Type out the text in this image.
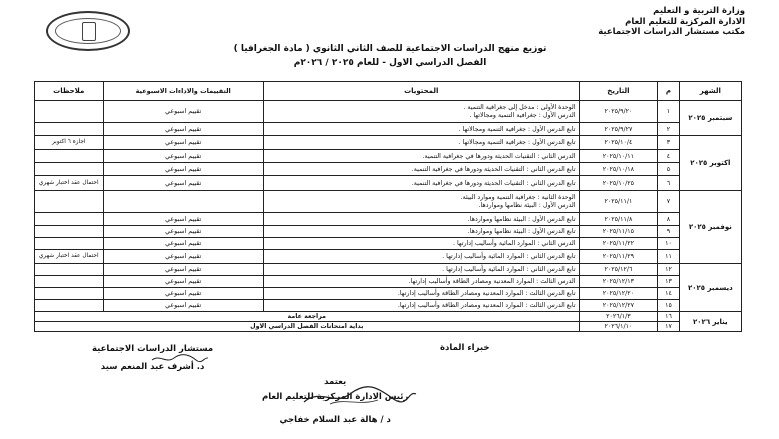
وزارة التربية و التعليم
الادارة المركزية للتعليم العام
مكتب مستشار الدراسات الاجتماعية
توزيع منهج الدراسات الاجتماعية للصف الثاني الثانوي ( مادة الجغرافيا )
الفصل الدراسي الاول - للعام ٢٠٢٥ / ٢٠٢٦م
الشهر	م	التاريخ	المحتويات	التقييمات والاداءات الاسبوعية	ملاحظات
سبتمبر ٢٠٢٥	١	٢٠٢٥/٩/٢٠	الوحدة الأولى : مدخل إلى جغرافية التنمية .
الدرس الأول : جغرافية التنمية ومجالاتها .	تقييم اسبوعي	
	٢	٢٠٢٥/٩/٢٧	تابع الدرس الأول : جغرافية التنمية ومجالاتها .	تقييم اسبوعي	
اكتوبر ٢٠٢٥	٣	٢٠٢٥/١٠/٤	تابع الدرس الأول : جغرافية التنمية ومجالاتها .	تقييم اسبوعي	اجازة ٦ اكتوبر
	٤	٢٠٢٥/١٠/١١	الدرس الثاني : التقنيات الحديثة ودورها في جغرافية التنمية.	تقييم اسبوعي	
	٥	٢٠٢٥/١٠/١٨	تابع الدرس الثاني : التقنيات الحديثة ودورها في جغرافية التنمية.	تقييم اسبوعي	
	٦	٢٠٢٥/١٠/٢٥	تابع الدرس الثاني : التقنيات الحديثة ودورها في جغرافية التنمية.	تقييم اسبوعي	احتمال عقد اختبار شهري
نوفمبر ٢٠٢٥	٧	٢٠٢٥/١١/١	الوحدة الثانية : جغرافية التنمية وموارد البيئة.
الدرس الأول : البيئة نظامها ومواردها.		

	٨	٢٠٢٥/١١/٨	تابع الدرس الأول : البيئة نظامها ومواردها.	تقييم اسبوعي	
	٩	٢٠٢٥/١١/١٥	تابع الدرس الأول : البيئة نظامها ومواردها.	تقييم اسبوعي	
	١٠	٢٠٢٥/١١/٢٢	الدرس الثاني : الموارد المائية وأساليب إدارتها .	تقييم اسبوعي	
	١١	٢٠٢٥/١١/٢٩	تابع الدرس الثاني : الموارد المائية وأساليب إدارتها .	تقييم اسبوعي	احتمال عقد اختبار شهري
ديسمبر ٢٠٢٥	١٢	٢٠٢٥/١٢/٦	تابع الدرس الثاني : الموارد المائية وأساليب إدارتها .	تقييم اسبوعي	
	١٣	٢٠٢٥/١٢/١٣	الدرس الثالث : الموارد المعدنية ومصادر الطاقة وأساليب إدارتها.	تقييم اسبوعي	
	١٤	٢٠٢٥/١٢/٢٠	تابع الدرس الثالث : الموارد المعدنية ومصادر الطاقة وأساليب إدارتها.	تقييم اسبوعي	
	١٥	٢٠٢٥/١٢/٢٧	تابع الدرس الثالث : الموارد المعدنية ومصادر الطاقة وأساليب إدارتها.	تقييم اسبوعي	
يناير ٢٠٢٦	١٦	٢٠٢٦/١/٣	مراجعة عامة		
	١٧	٢٠٢٦/١/١٠	بداية امتحانات الفصل الدراسي الاول		
خبراء المادة
مستشار الدراسات الاجتماعية
د. أشرف عبد المنعم سيد
يعتمد
رئيس الادارة المركزية للتعليم العام
د / هالة عبد السلام خفاجي
